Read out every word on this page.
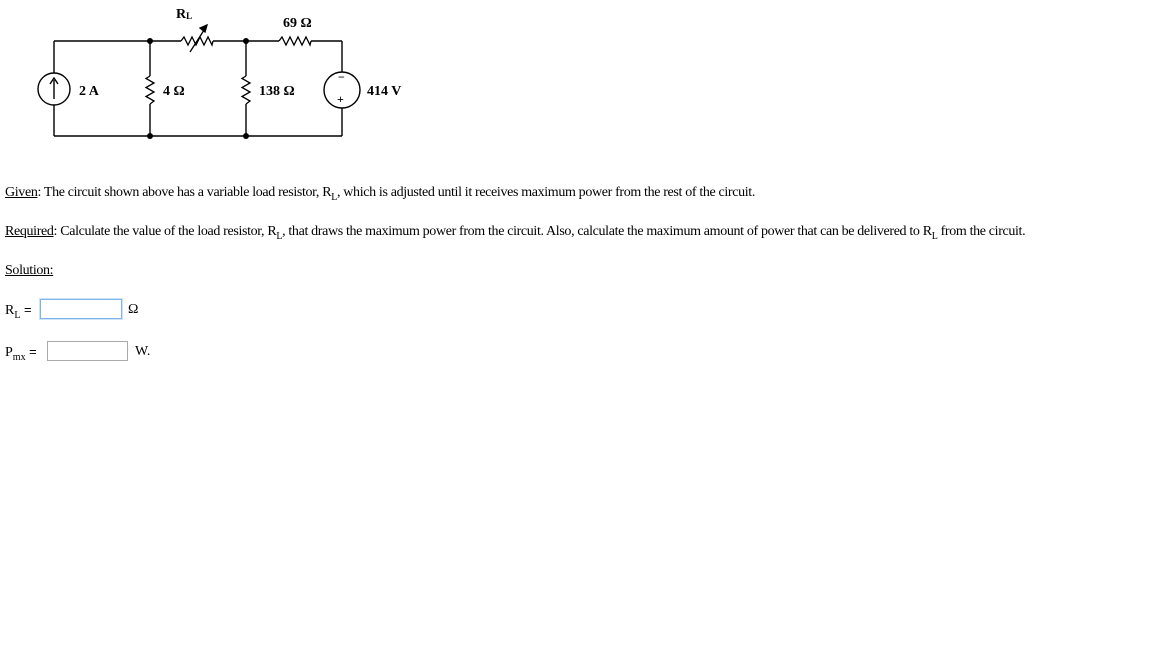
RL	69 Ω
2 A	4 Ω	138 Ω	414 V
−
+
Given: The circuit shown above has a variable load resistor, $R_L$, which is adjusted until it receives maximum power from the rest of the circuit.
Required: Calculate the value of the load resistor, $R_L$, that draws the maximum power from the circuit. Also, calculate the maximum amount of power that can be delivered to $R_L$ from the circuit.
Solution:
$R_L$ =	Ω
$P_{mx}$ =	W.
